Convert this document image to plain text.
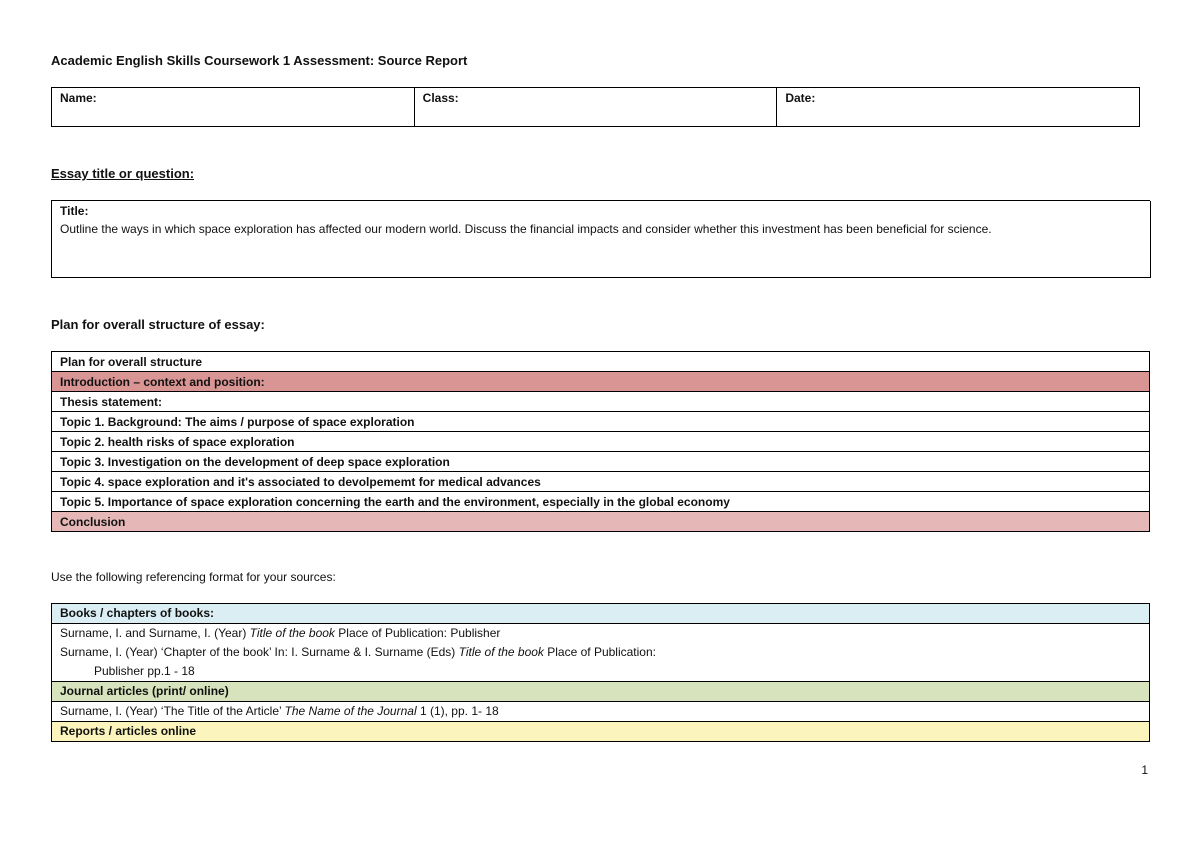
Academic English Skills Coursework 1 Assessment: Source Report
Name:	Class:	Date:
Essay title or question:
Title:
Outline the ways in which space exploration has affected our modern world. Discuss the financial impacts and consider whether this investment has been beneficial for science.
Plan for overall structure of essay:
Plan for overall structure
Introduction – context and position:
Thesis statement:
Topic 1. Background: The aims / purpose of space exploration
Topic 2. health risks of space exploration
Topic 3. Investigation on the development of deep space exploration
Topic 4. space exploration and it's associated to devolpememt for medical advances
Topic 5. Importance of space exploration concerning the earth and the environment, especially in the global economy
Conclusion
Use the following referencing format for your sources:
Books / chapters of books:

Surname, I. and Surname, I. (Year) Title of the book Place of Publication: Publisher
Surname, I. (Year) ‘Chapter of the book’ In: I. Surname & I. Surname (Eds) Title of the book Place of Publication:
Publisher pp.1 - 18

Journal articles (print/ online)
Surname, I. (Year) ‘The Title of the Article’ The Name of the Journal 1 (1), pp. 1- 18
Reports / articles online
1
